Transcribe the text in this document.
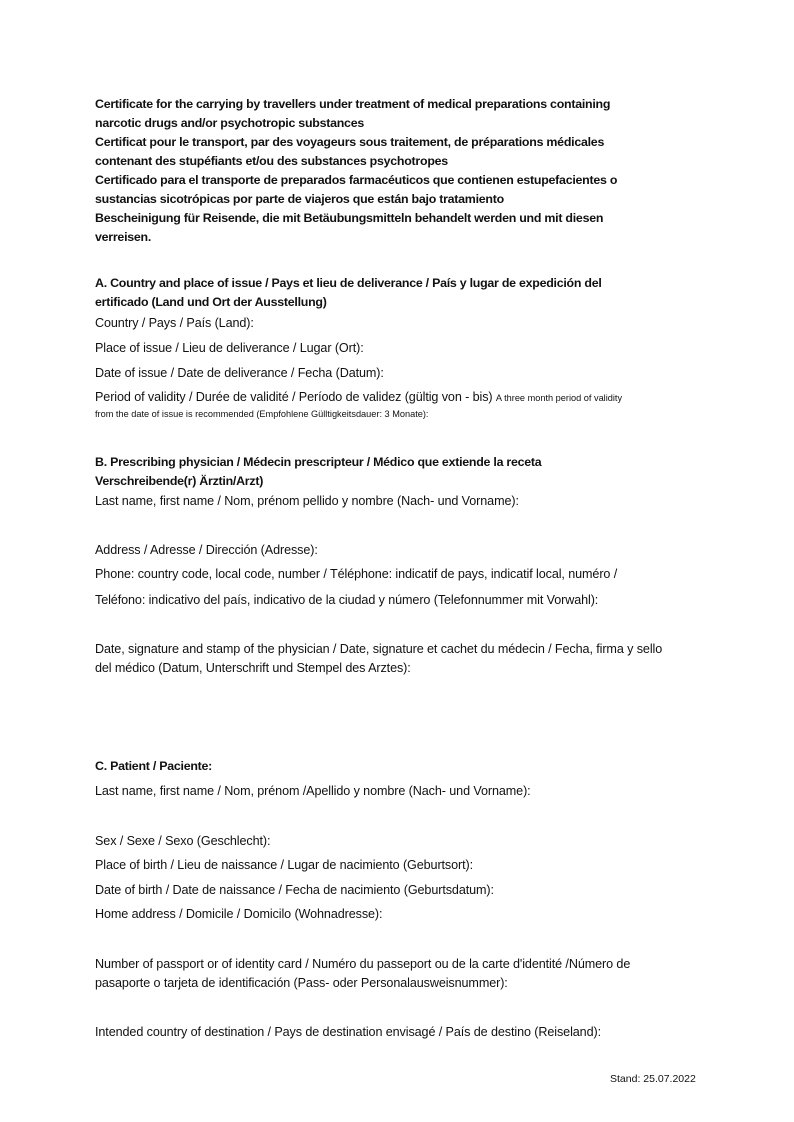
Certificate for the carrying by travellers under treatment of medical preparations containing
narcotic drugs and/or psychotropic substances
Certificat pour le transport, par des voyageurs sous traitement, de préparations médicales
contenant des stupéfiants et/ou des substances psychotropes
Certificado para el transporte de preparados farmacéuticos que contienen estupefacientes o
sustancias sicotrópicas por parte de viajeros que están bajo tratamiento
Bescheinigung für Reisende, die mit Betäubungsmitteln behandelt werden und mit diesen
verreisen.
A. Country and place of issue / Pays et lieu de deliverance / País y lugar de expedición del
ertificado (Land und Ort der Ausstellung)
Country / Pays / País (Land):
Place of issue / Lieu de deliverance / Lugar (Ort):
Date of issue / Date de deliverance / Fecha (Datum):
Period of validity / Durée de validité / Período de validez (gültig von - bis) A three month period of validity
from the date of issue is recommended (Empfohlene Gülltigkeitsdauer: 3 Monate):
B. Prescribing physician / Médecin prescripteur / Médico que extiende la receta
Verschreibende(r) Ärztin/Arzt)
Last name, first name / Nom, prénom pellido y nombre (Nach- und Vorname):
Address / Adresse / Dirección (Adresse):
Phone: country code, local code, number / Téléphone: indicatif de pays, indicatif local, numéro /
Teléfono: indicativo del país, indicativo de la ciudad y número (Telefonnummer mit Vorwahl):
Date, signature and stamp of the physician / Date, signature et cachet du médecin / Fecha, firma y sello
del médico (Datum, Unterschrift und Stempel des Arztes):
C. Patient / Paciente:
Last name, first name / Nom, prénom /Apellido y nombre (Nach- und Vorname):
Sex / Sexe / Sexo (Geschlecht):
Place of birth / Lieu de naissance / Lugar de nacimiento (Geburtsort):
Date of birth / Date de naissance / Fecha de nacimiento (Geburtsdatum):
Home address / Domicile / Domicilo (Wohnadresse):
Number of passport or of identity card / Numéro du passeport ou de la carte d'identité /Número de
pasaporte o tarjeta de identificación (Pass- oder Personalausweisnummer):
Intended country of destination / Pays de destination envisagé / País de destino (Reiseland):
Stand: 25.07.2022
